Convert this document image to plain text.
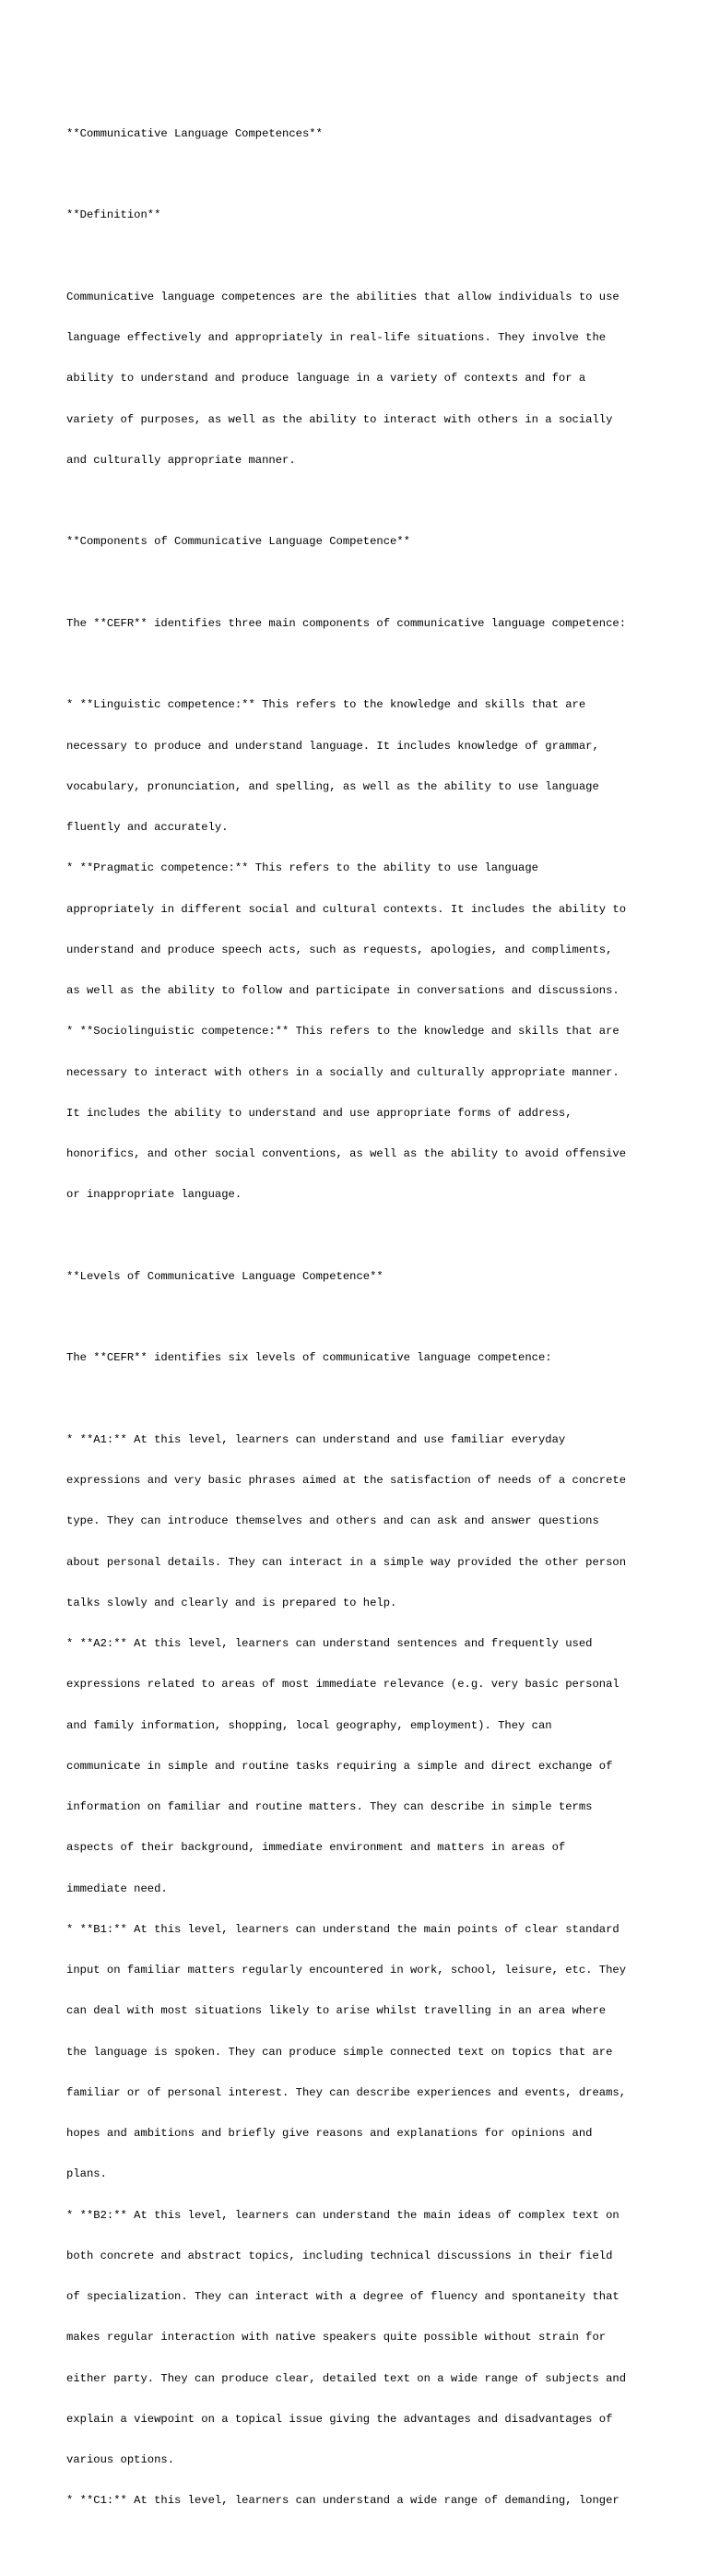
**Communicative Language Competences**

**Definition**

Communicative language competences are the abilities that allow individuals to use

language effectively and appropriately in real-life situations. They involve the

ability to understand and produce language in a variety of contexts and for a

variety of purposes, as well as the ability to interact with others in a socially

and culturally appropriate manner.

**Components of Communicative Language Competence**

The **CEFR** identifies three main components of communicative language competence:

* **Linguistic competence:** This refers to the knowledge and skills that are

necessary to produce and understand language. It includes knowledge of grammar,

vocabulary, pronunciation, and spelling, as well as the ability to use language

fluently and accurately.

* **Pragmatic competence:** This refers to the ability to use language

appropriately in different social and cultural contexts. It includes the ability to

understand and produce speech acts, such as requests, apologies, and compliments,

as well as the ability to follow and participate in conversations and discussions.

* **Sociolinguistic competence:** This refers to the knowledge and skills that are

necessary to interact with others in a socially and culturally appropriate manner.

It includes the ability to understand and use appropriate forms of address,

honorifics, and other social conventions, as well as the ability to avoid offensive

or inappropriate language.

**Levels of Communicative Language Competence**

The **CEFR** identifies six levels of communicative language competence:

* **A1:** At this level, learners can understand and use familiar everyday

expressions and very basic phrases aimed at the satisfaction of needs of a concrete

type. They can introduce themselves and others and can ask and answer questions

about personal details. They can interact in a simple way provided the other person

talks slowly and clearly and is prepared to help.

* **A2:** At this level, learners can understand sentences and frequently used

expressions related to areas of most immediate relevance (e.g. very basic personal

and family information, shopping, local geography, employment). They can

communicate in simple and routine tasks requiring a simple and direct exchange of

information on familiar and routine matters. They can describe in simple terms

aspects of their background, immediate environment and matters in areas of

immediate need.

* **B1:** At this level, learners can understand the main points of clear standard

input on familiar matters regularly encountered in work, school, leisure, etc. They

can deal with most situations likely to arise whilst travelling in an area where

the language is spoken. They can produce simple connected text on topics that are

familiar or of personal interest. They can describe experiences and events, dreams,

hopes and ambitions and briefly give reasons and explanations for opinions and

plans.

* **B2:** At this level, learners can understand the main ideas of complex text on

both concrete and abstract topics, including technical discussions in their field

of specialization. They can interact with a degree of fluency and spontaneity that

makes regular interaction with native speakers quite possible without strain for

either party. They can produce clear, detailed text on a wide range of subjects and

explain a viewpoint on a topical issue giving the advantages and disadvantages of

various options.

* **C1:** At this level, learners can understand a wide range of demanding, longer
